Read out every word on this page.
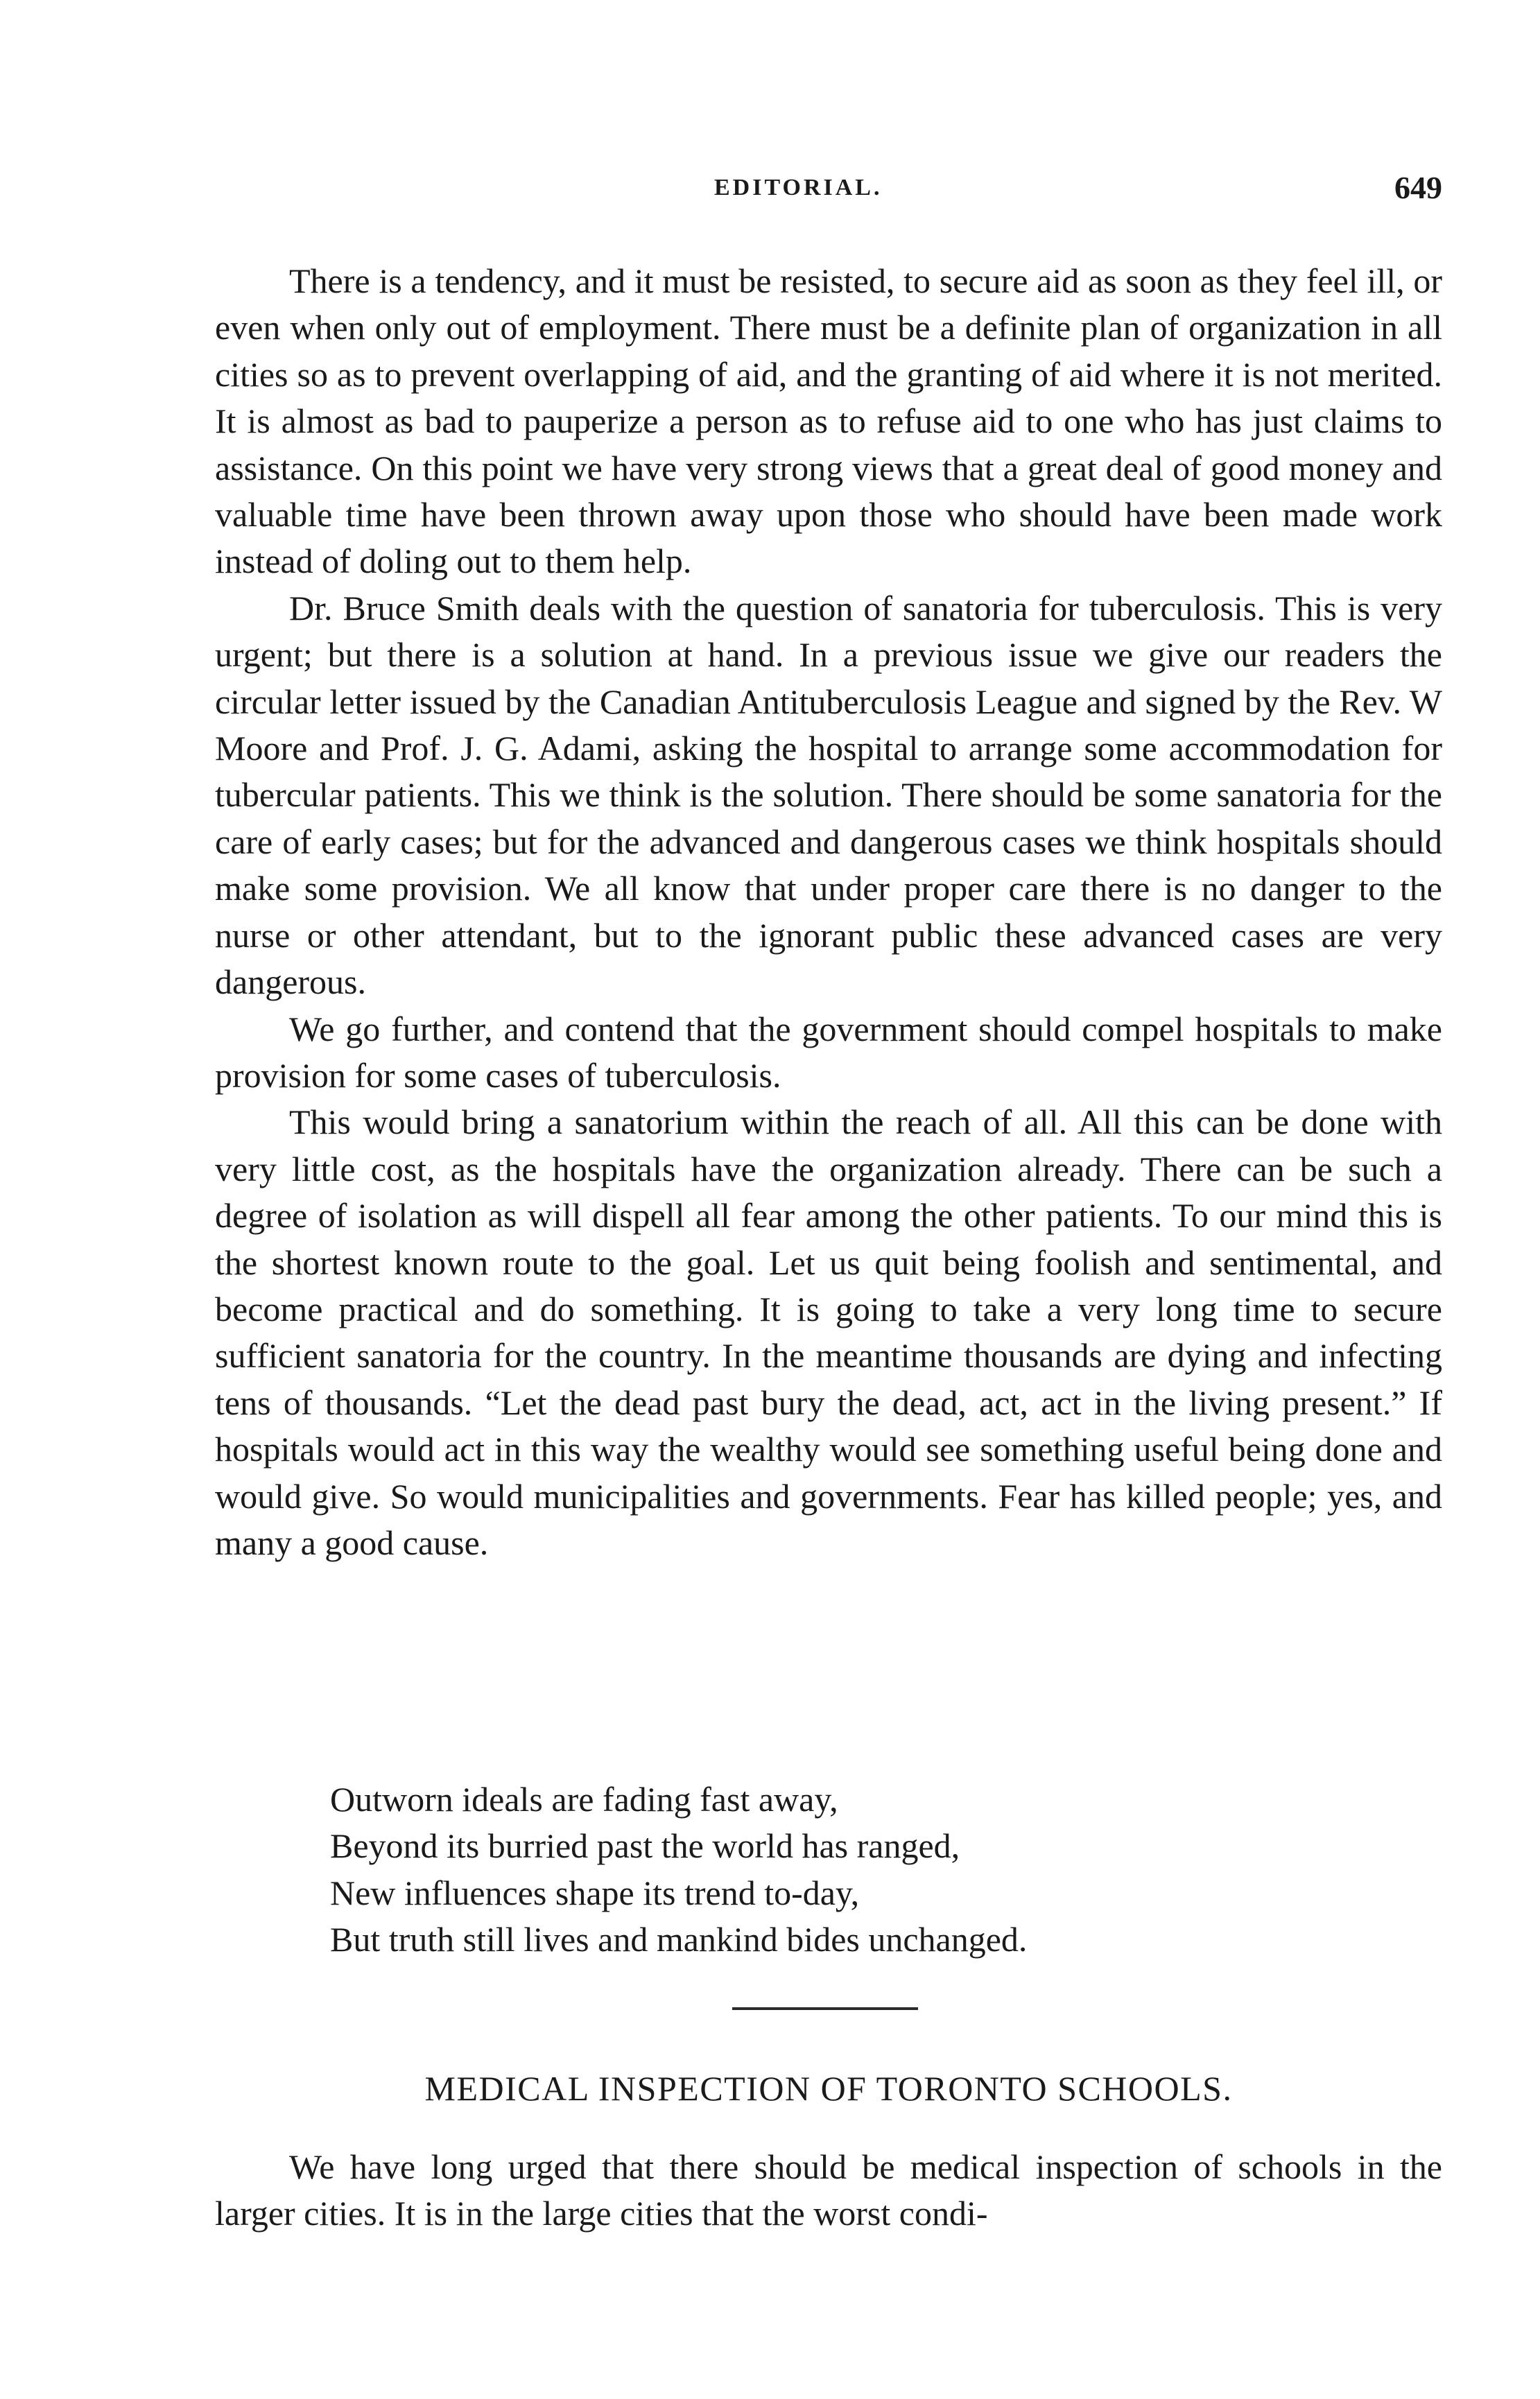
EDITORIAL.	649

There is a tendency, and it must be resisted, to secure aid as soon as they feel ill, or even when only out of employment. There must be a definite plan of organization in all cities so as to prevent overlapping of aid, and the granting of aid where it is not merited. It is almost as bad to pauperize a person as to refuse aid to one who has just claims to assistance. On this point we have very strong views that a great deal of good money and valuable time have been thrown away upon those who should have been made work instead of doling out to them help.

Dr. Bruce Smith deals with the question of sanatoria for tuberculosis. This is very urgent; but there is a solution at hand. In a previous issue we give our readers the circular letter issued by the Canadian Antituberculosis League and signed by the Rev. W Moore and Prof. J. G. Adami, asking the hospital to arrange some accommodation for tubercular patients. This we think is the solution. There should be some sanatoria for the care of early cases; but for the advanced and dangerous cases we think hospitals should make some provision. We all know that under proper care there is no danger to the nurse or other attendant, but to the ignorant public these advanced cases are very dangerous.

We go further, and contend that the government should compel hospitals to make provision for some cases of tuberculosis.

This would bring a sanatorium within the reach of all. All this can be done with very little cost, as the hospitals have the organization already. There can be such a degree of isolation as will dispell all fear among the other patients. To our mind this is the shortest known route to the goal. Let us quit being foolish and sentimental, and become practical and do something. It is going to take a very long time to secure sufficient sanatoria for the country. In the meantime thousands are dying and infecting tens of thousands. “Let the dead past bury the dead, act, act in the living present.” If hospitals would act in this way the wealthy would see something useful being done and would give. So would municipalities and governments. Fear has killed people; yes, and many a good cause.

Outworn ideals are fading fast away,
Beyond its burried past the world has ranged,
New influences shape its trend to-day,
But truth still lives and mankind bides unchanged.
MEDICAL INSPECTION OF TORONTO SCHOOLS.

We have long urged that there should be medical inspection of schools in the larger cities. It is in the large cities that the worst condi-
